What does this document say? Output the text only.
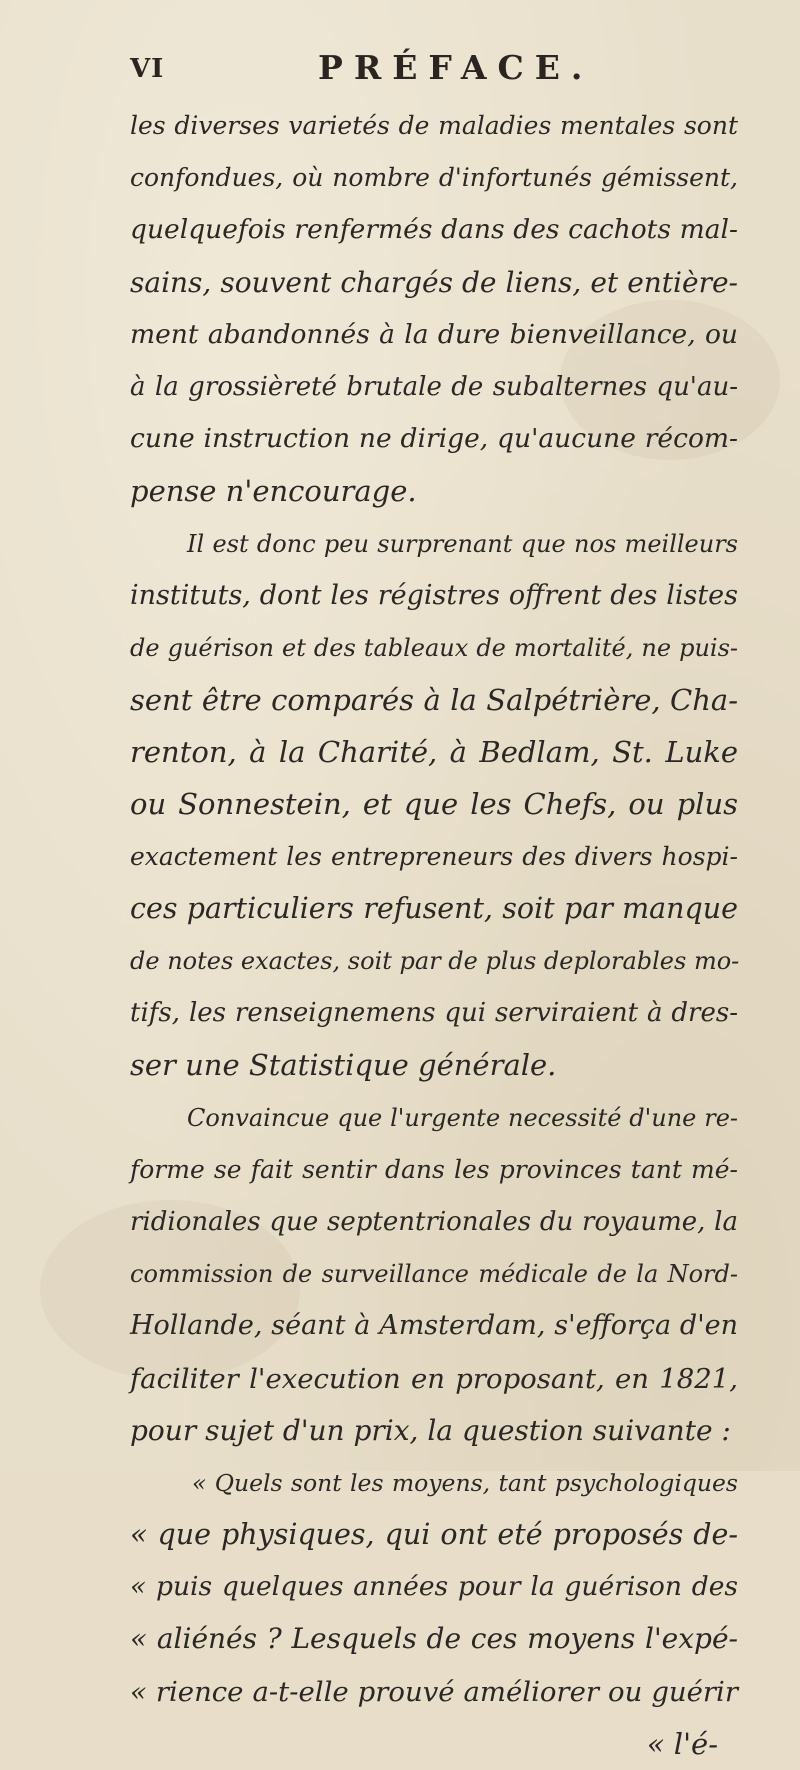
VI	PRÉFACE.
les diverses varietés de maladies mentales sont
confondues, où nombre d'infortunés gémissent,
quelquefois renfermés dans des cachots mal-
sains, souvent chargés de liens, et entière-
ment abandonnés à la dure bienveillance, ou
à la grossièreté brutale de subalternes qu'au-
cune instruction ne dirige, qu'aucune récom-
pense n'encourage.
Il est donc peu surprenant que nos meilleurs
instituts, dont les régistres offrent des listes
de guérison et des tableaux de mortalité, ne puis-
sent être comparés à la Salpétrière, Cha-
renton, à la Charité, à Bedlam, St. Luke
ou Sonnestein, et que les Chefs, ou plus
exactement les entrepreneurs des divers hospi-
ces particuliers refusent, soit par manque
de notes exactes, soit par de plus deplorables mo-
tifs, les renseignemens qui serviraient à dres-
ser une Statistique générale.
Convaincue que l'urgente necessité d'une re-
forme se fait sentir dans les provinces tant mé-
ridionales que septentrionales du royaume, la
commission de surveillance médicale de la Nord-
Hollande, séant à Amsterdam, s'efforça d'en
faciliter l'execution en proposant, en 1821,
pour sujet d'un prix, la question suivante :
« Quels sont les moyens, tant psychologiques
« que physiques, qui ont eté proposés de-
« puis quelques années pour la guérison des
« aliénés ? Lesquels de ces moyens l'expé-
« rience a-t-elle prouvé améliorer ou guérir
« l'é-
